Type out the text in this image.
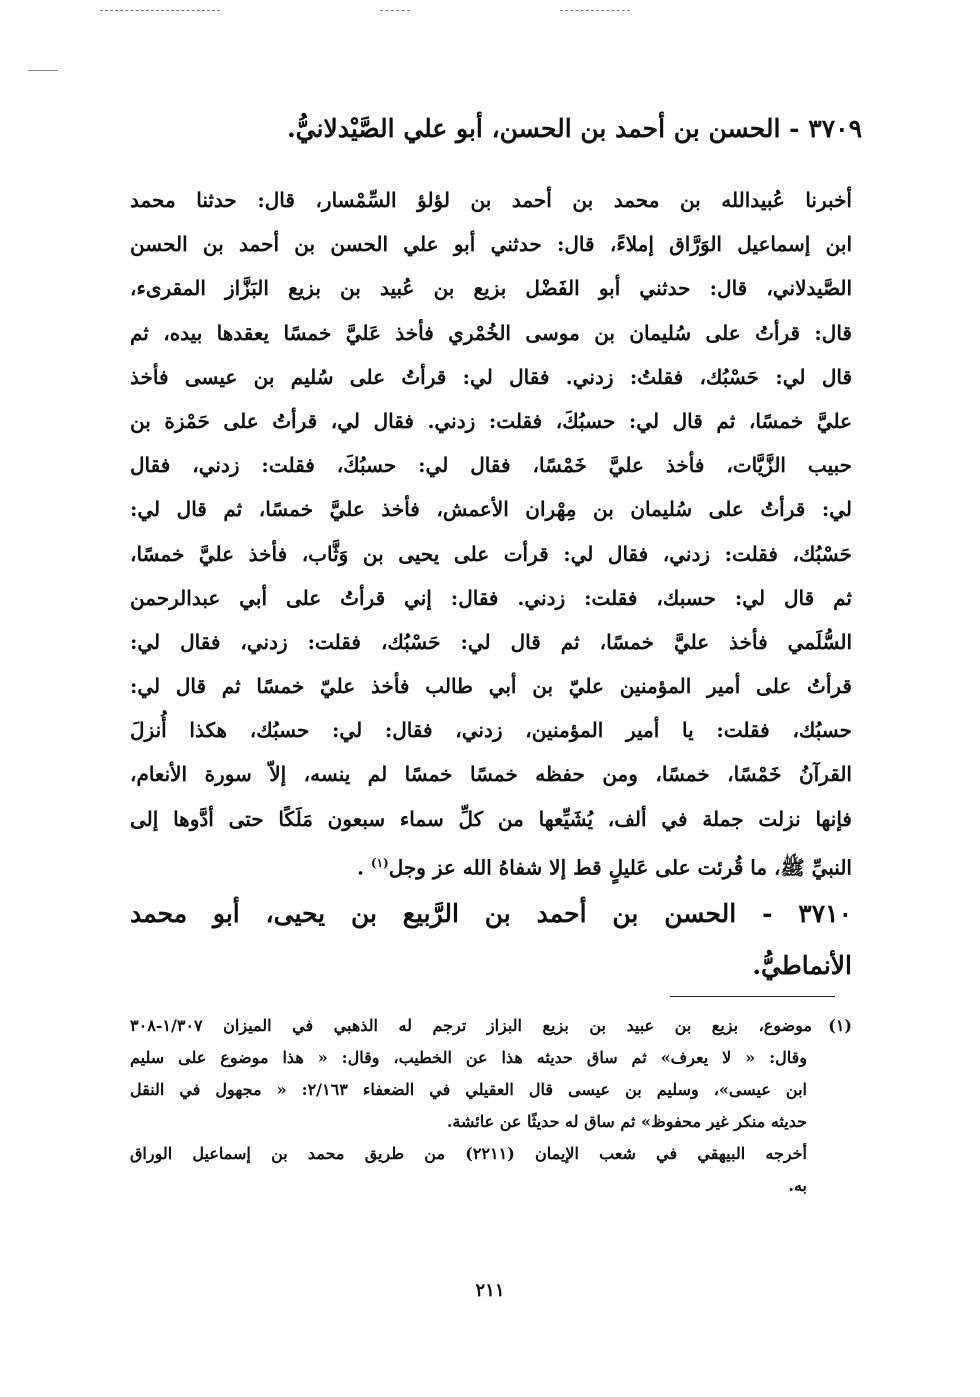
٣٧٠٩ - الحسن بن أحمد بن الحسن، أبو علي الصَّيْدلانيُّ.
أخبرنا عُبيدالله بن محمد بن أحمد بن لؤلؤ السِّمْسار، قال: حدثنا محمد
ابن إسماعيل الوَرَّاق إملاءً، قال: حدثني أبو علي الحسن بن أحمد بن الحسن
الصَّيدلاني، قال: حدثني أبو الفَضْل بزيع بن عُبيد بن بزيع البَزَّاز المقرىء،
قال: قرأتُ على سُليمان بن موسى الخُمْري فأخذ عَليَّ خمسًا يعقدها بيده، ثم
قال لي: حَسْبُك، فقلتُ: زدني. فقال لي: قرأتُ على سُليم بن عيسى فأخذ
عليَّ خمسًا، ثم قال لي: حسبُكَ، فقلت: زدني. فقال لي، قرأتُ على حَمْزة بن
حبيب الزَّيَّات، فأخذ عليَّ خَمْسًا، فقال لي: حسبُكَ، فقلت: زدني، فقال
لي: قرأتُ على سُليمان بن مِهْران الأعمش، فأخذ عليَّ خمسًا، ثم قال لي:
حَسْبُك، فقلت: زدني، فقال لي: قرأت على يحيى بن وَثَّاب، فأخذ عليَّ خمسًا،
ثم قال لي: حسبك، فقلت: زدني. فقال: إني قرأتُ على أبي عبدالرحمن
السُّلَمي فأخذ عليَّ خمسًا، ثم قال لي: حَسْبُك، فقلت: زدني، فقال لي:
قرأتُ على أمير المؤمنين عليّ بن أبي طالب فأخذ عليّ خمسًا ثم قال لي:
حسبُك، فقلت: يا أمير المؤمنين، زدني، فقال: لي: حسبُك، هكذا أُنزلَ
القرآنُ خَمْسًا، خمسًا، ومن حفظه خمسًا خمسًا لم ينسه، إلاّ سورة الأنعام،
فإنها نزلت جملة في ألف، يُشَيِّعها من كلِّ سماء سبعون مَلَكًا حتى أدَّوها إلى
النبيِّ ﷺ، ما قُرئت على عَليلٍ قط إلا شفاهُ الله عز وجل$^{(١)}$ .
٣٧١٠ - الحسن بن أحمد بن الرَّبيع بن يحيى، أبو محمد
الأنماطيُّ.
(١)موضوع، بزيع بن عبيد بن بزيع البزاز ترجم له الذهبي في الميزان ١/٣٠٧-٣٠٨
وقال: « لا يعرف» ثم ساق حديثه هذا عن الخطيب، وقال: « هذا موضوع على سليم
ابن عيسى»، وسليم بن عيسى قال العقيلي في الضعفاء ٢/١٦٣: « مجهول في النقل
حديثه منكر غير محفوظ» ثم ساق له حديثًا عن عائشة.
أخرجه البيهقي في شعب الإيمان (٢٢١١) من طريق محمد بن إسماعيل الوراق
به.
٢١١
